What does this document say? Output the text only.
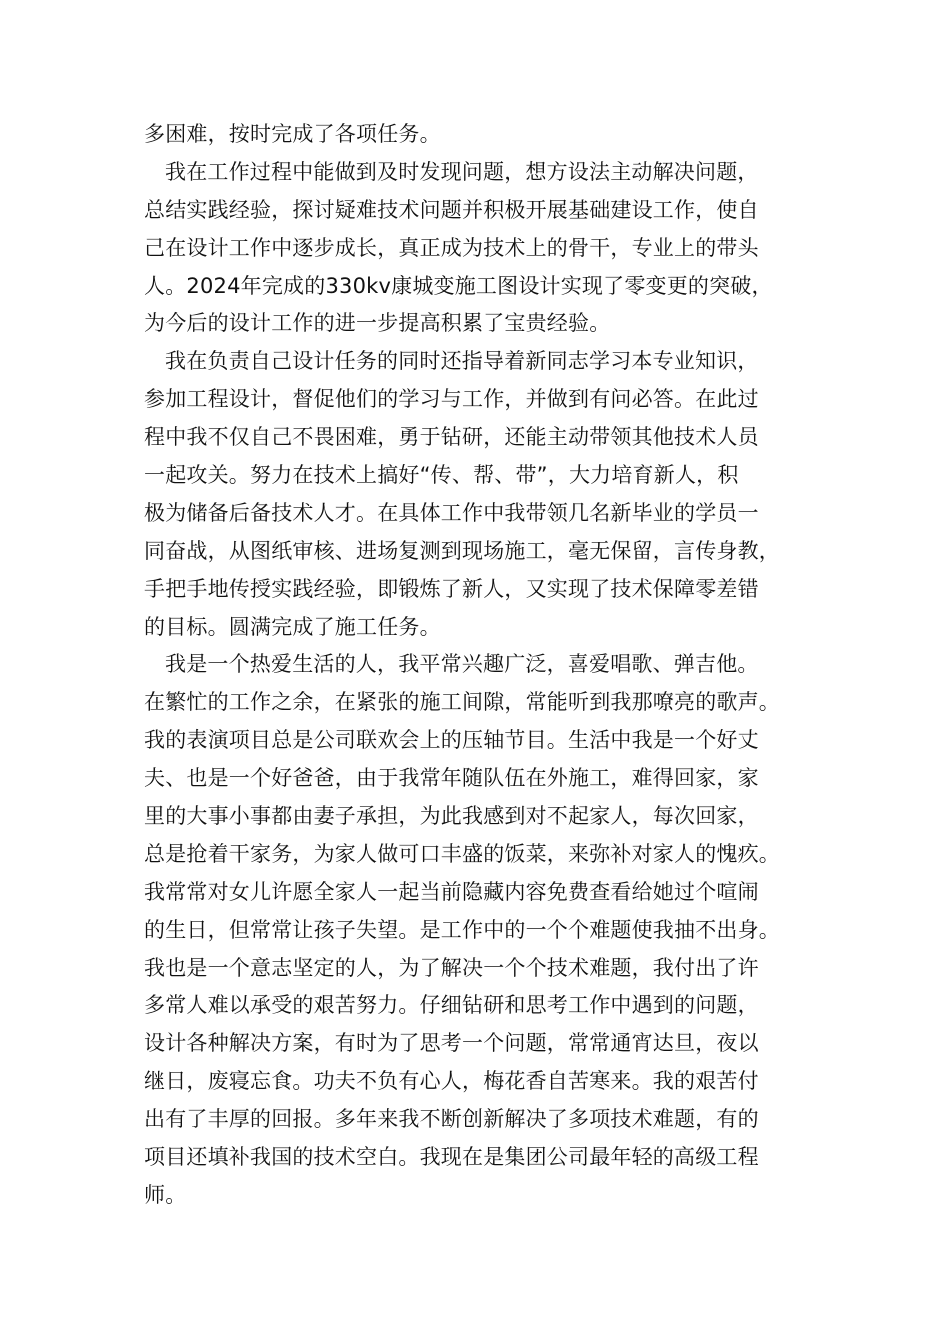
多困难，按时完成了各项任务。
我在工作过程中能做到及时发现问题，想方设法主动解决问题，
总结实践经验，探讨疑难技术问题并积极开展基础建设工作，使自
己在设计工作中逐步成长，真正成为技术上的骨干，专业上的带头
人。2024年完成的330kv康城变施工图设计实现了零变更的突破，
为今后的设计工作的进一步提高积累了宝贵经验。
我在负责自己设计任务的同时还指导着新同志学习本专业知识，
参加工程设计，督促他们的学习与工作，并做到有问必答。在此过
程中我不仅自己不畏困难，勇于钻研，还能主动带领其他技术人员
一起攻关。努力在技术上搞好“传、帮、带”，大力培育新人，积
极为储备后备技术人才。在具体工作中我带领几名新毕业的学员一
同奋战，从图纸审核、进场复测到现场施工，毫无保留，言传身教，
手把手地传授实践经验，即锻炼了新人，又实现了技术保障零差错
的目标。圆满完成了施工任务。
我是一个热爱生活的人，我平常兴趣广泛，喜爱唱歌、弹吉他。
在繁忙的工作之余，在紧张的施工间隙，常能听到我那嘹亮的歌声。
我的表演项目总是公司联欢会上的压轴节目。生活中我是一个好丈
夫、也是一个好爸爸，由于我常年随队伍在外施工，难得回家，家
里的大事小事都由妻子承担，为此我感到对不起家人，每次回家，
总是抢着干家务，为家人做可口丰盛的饭菜，来弥补对家人的愧疚。
我常常对女儿许愿全家人一起当前隐藏内容免费查看给她过个喧闹
的生日，但常常让孩子失望。是工作中的一个个难题使我抽不出身。
我也是一个意志坚定的人，为了解决一个个技术难题，我付出了许
多常人难以承受的艰苦努力。仔细钻研和思考工作中遇到的问题，
设计各种解决方案，有时为了思考一个问题，常常通宵达旦，夜以
继日，废寝忘食。功夫不负有心人，梅花香自苦寒来。我的艰苦付
出有了丰厚的回报。多年来我不断创新解决了多项技术难题，有的
项目还填补我国的技术空白。我现在是集团公司最年轻的高级工程
师。
